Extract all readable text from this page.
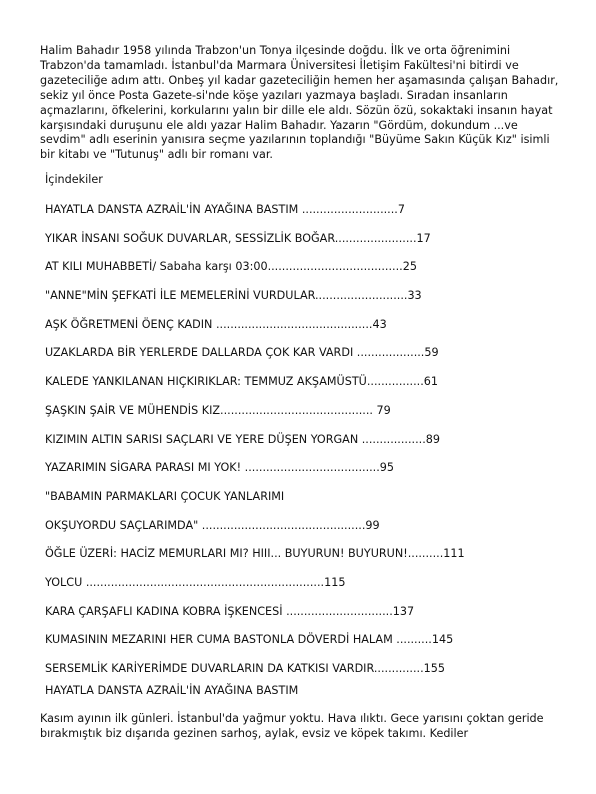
Halim Bahadır 1958 yılında Trabzon'un Tonya ilçesinde doğdu. İlk ve orta öğrenimini Trabzon'da tamamladı. İstanbul'da Marmara Üniversitesi İletişim Fakültesi'ni bitirdi ve gazeteciliğe adım attı. Onbeş yıl kadar gazeteciliğin hemen her aşamasında çalışan Bahadır, sekiz yıl önce Posta Gazete-si'nde köşe yazıları yazmaya başladı. Sıradan insanların açmazlarını, öfkelerini, korkularını yalın bir dille ele aldı. Sözün özü, sokaktaki insanın hayat karşısındaki duruşunu ele aldı yazar Halim Bahadır. Yazarın "Gördüm, dokundum ...ve sevdim" adlı eserinin yanısıra seçme yazılarının toplandığı "Büyüme Sakın Küçük Kız" isimli bir kitabı ve "Tutunuş" adlı bir romanı var.

İçindekiler
HAYATLA DANSTA AZRAİL'İN AYAĞINA BASTIM ...........................7
YIKAR İNSANI SOĞUK DUVARLAR, SESSİZLİK BOĞAR.......................17
AT KILI MUHABBETİ/ Sabaha karşı 03:00......................................25
"ANNE"MİN ŞEFKATİ İLE MEMELERİNİ VURDULAR..........................33
AŞK ÖĞRETMENİ ÖENÇ KADIN ............................................43
UZAKLARDA BİR YERLERDE DALLARDA ÇOK KAR VARDI ...................59
KALEDE YANKILANAN HIÇKIRIKLAR: TEMMUZ AKŞAMÜSTÜ................61
ŞAŞKIN ŞAİR VE MÜHENDİS KIZ........................................... 79
KIZIMIN ALTIN SARISI SAÇLARI VE YERE DÜŞEN YORGAN ..................89
YAZARIMIN SİGARA PARASI MI YOK! ......................................95
"BABAMIN PARMAKLARI ÇOCUK YANLARIMI
OKŞUYORDU SAÇLARIMDA" ..............................................99
ÖĞLE ÜZERİ: HACİZ MEMURLARI MI? HIII... BUYURUN! BUYURUN!..........111
YOLCU ...................................................................115
KARA ÇARŞAFLI KADINA KOBRA İŞKENCESİ ..............................137
KUMASININ MEZARINI HER CUMA BASTONLA DÖVERDİ HALAM ..........145
SERSEMLİK KARİYERİMDE DUVARLARIN DA KATKISI VARDIR..............155
HAYATLA DANSTA AZRAİL'İN AYAĞINA BASTIM

Kasım ayının ilk günleri. İstanbul'da yağmur yoktu. Hava ılıktı. Gece yarısını çoktan geride bırakmıştık biz dışarıda gezinen sarhoş, aylak, evsiz ve köpek takımı. Kediler
